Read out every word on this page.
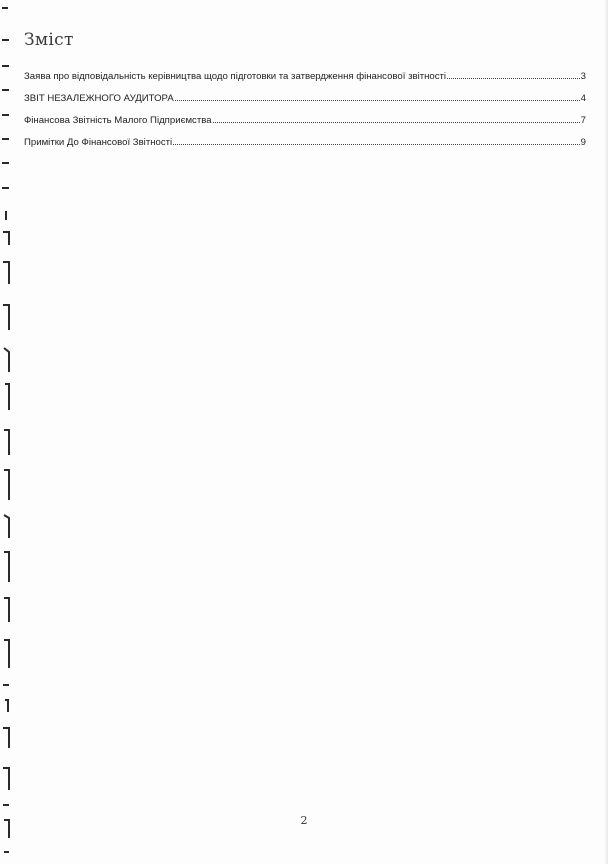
Зміст
Заява про відповідальність керівництва щодо підготовки та затвердження фінансової звітності	3
ЗВІТ НЕЗАЛЕЖНОГО АУДИТОРА	4
Фінансова Звітність Малого Підприємства	7
Примітки До Фінансової Звітності	9
2
